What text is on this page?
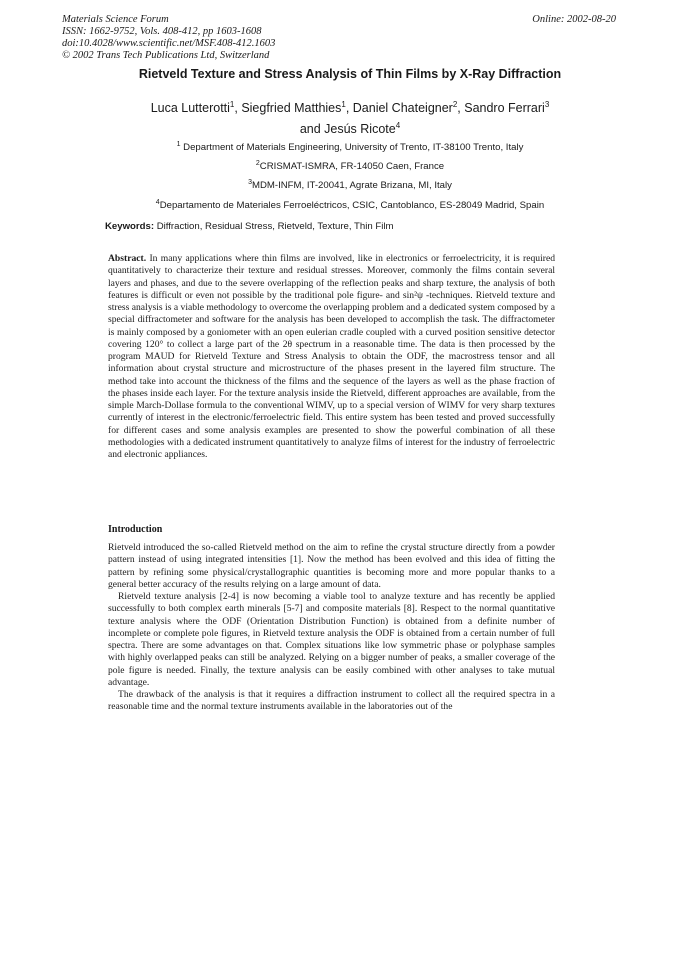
Materials Science Forum
ISSN: 1662-9752, Vols. 408-412, pp 1603-1608
doi:10.4028/www.scientific.net/MSF.408-412.1603
© 2002 Trans Tech Publications Ltd, Switzerland
Online: 2002-08-20
Rietveld Texture and Stress Analysis of Thin Films by X-Ray Diffraction
Luca Lutterotti$^1$, Siegfried Matthies$^1$, Daniel Chateigner$^2$, Sandro Ferrari$^3$
and Jesús Ricote$^4$
$^1$ Department of Materials Engineering, University of Trento, IT-38100 Trento, Italy
$^2$CRISMAT-ISMRA, FR-14050 Caen, France
$^3$MDM-INFM, IT-20041, Agrate Brizana, MI, Italy
$^4$Departamento de Materiales Ferroeléctricos, CSIC, Cantoblanco, ES-28049 Madrid, Spain
Keywords: Diffraction, Residual Stress, Rietveld, Texture, Thin Film

Abstract. In many applications where thin films are involved, like in electronics or ferroelectricity, it is required quantitatively to characterize their texture and residual stresses. Moreover, commonly the films contain several layers and phases, and due to the severe overlapping of the reflection peaks and sharp texture, the analysis of both features is difficult or even not possible by the traditional pole figure- and sin²ψ -techniques. Rietveld texture and stress analysis is a viable methodology to overcome the overlapping problem and a dedicated system composed by a special diffractometer and software for the analysis has been developed to accomplish the task. The diffractometer is mainly composed by a goniometer with an open eulerian cradle coupled with a curved position sensitive detector covering 120° to collect a large part of the 2θ spectrum in a reasonable time. The data is then processed by the program MAUD for Rietveld Texture and Stress Analysis to obtain the ODF, the macrostress tensor and all information about crystal structure and microstructure of the phases present in the layered film structure. The method take into account the thickness of the films and the sequence of the layers as well as the phase fraction of the phases inside each layer. For the texture analysis inside the Rietveld, different approaches are available, from the simple March-Dollase formula to the conventional WIMV, up to a special version of WIMV for very sharp textures currently of interest in the electronic/ferroelectric field. This entire system has been tested and proved successfully for different cases and some analysis examples are presented to show the powerful combination of all these methodologies with a dedicated instrument quantitatively to analyze films of interest for the industry of ferroelectric and electronic appliances.

Introduction

Rietveld introduced the so-called Rietveld method on the aim to refine the crystal structure directly from a powder pattern instead of using integrated intensities [1]. Now the method has been evolved and this idea of fitting the pattern by refining some physical/crystallographic quantities is becoming more and more popular thanks to a general better accuracy of the results relying on a large amount of data.

Rietveld texture analysis [2-4] is now becoming a viable tool to analyze texture and has recently be applied successfully to both complex earth minerals [5-7] and composite materials [8]. Respect to the normal quantitative texture analysis where the ODF (Orientation Distribution Function) is obtained from a definite number of incomplete or complete pole figures, in Rietveld texture analysis the ODF is obtained from a certain number of full spectra. There are some advantages on that. Complex situations like low symmetric phase or polyphase samples with highly overlapped peaks can still be analyzed. Relying on a bigger number of peaks, a smaller coverage of the pole figure is needed. Finally, the texture analysis can be easily combined with other analyses to take mutual advantage.

The drawback of the analysis is that it requires a diffraction instrument to collect all the required spectra in a reasonable time and the normal texture instruments available in the laboratories out of the
